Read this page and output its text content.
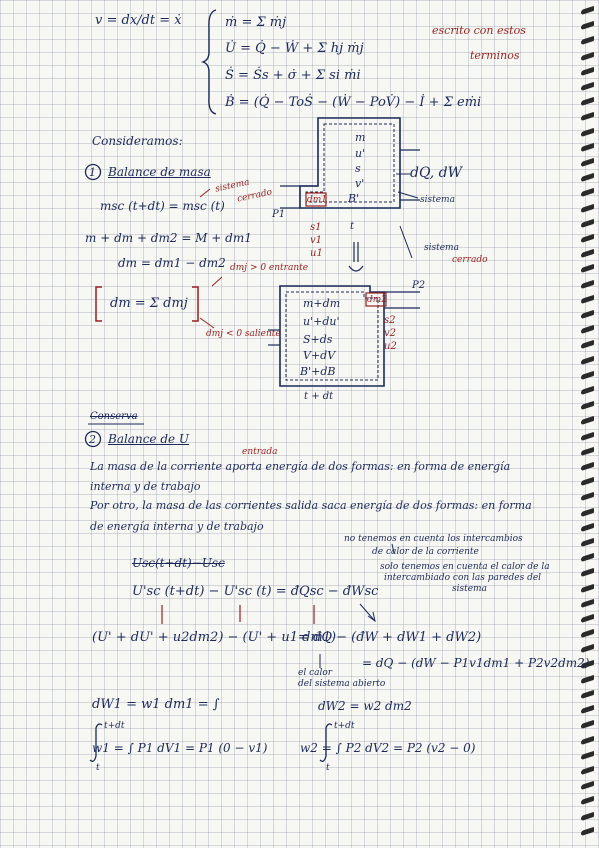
v = dx/dt = ẋ	ṁ = Σ ṁj
U̇ = Q̇ − Ẇ + Σ hj ṁj
Ṡ = Ṡs + σ̇ + Σ si ṁi
Ḃ = (Q̇ − ToṠ − (Ẇ − PoV̇) − İ + Σ eṁi
escrito con estos
terminos
Consideramos:
1 Balance de masa
msc (t+dt) = msc (t)
sistema
cerrado
m + dm + dm2 = M + dm1
dm = dm1 − dm2 dmj > 0 entrante
dm = Σ dmj
dmj < 0 saliente
m
u'
s
v'
B'
dQ, dW
sistema
P1
dm1
s1
v1
u1
t
sistema
cerrado
m+dm
u'+du'
S+ds
V+dV
B'+dB
dm2
P2
s2
v2
u2
t + dt
Conserva
2 Balance de U
entrada
La masa de la corriente aporta energía de dos formas: en forma de energía
interna y de trabajo
Por otro, la masa de las corrientes salida saca energía de dos formas: en forma
de energía interna y de trabajo
no tenemos en cuenta los intercambios
de calor de la corriente
solo tenemos en cuenta el calor de la
intercambiado con las paredes del
sistema
Usc(t+dt)−Usc
U'sc (t+dt) − U'sc (t) = đQsc − đWsc
(U' + dU' + u2dm2) − (U' + u1 dm1)
= đQ − (đW + dW1 + dW2)
= dQ − (dW − P1v1dm1 + P2v2dm2)
el calor
del sistema abierto
dW1 = w1 dm1 = ∫	dW2 = w2 dm2
t+dt
t
w1 = ∫ P1 dV1 = P1 (0 − v1)
t+dt
t
w2 = ∫ P2 dV2 = P2 (v2 − 0)
